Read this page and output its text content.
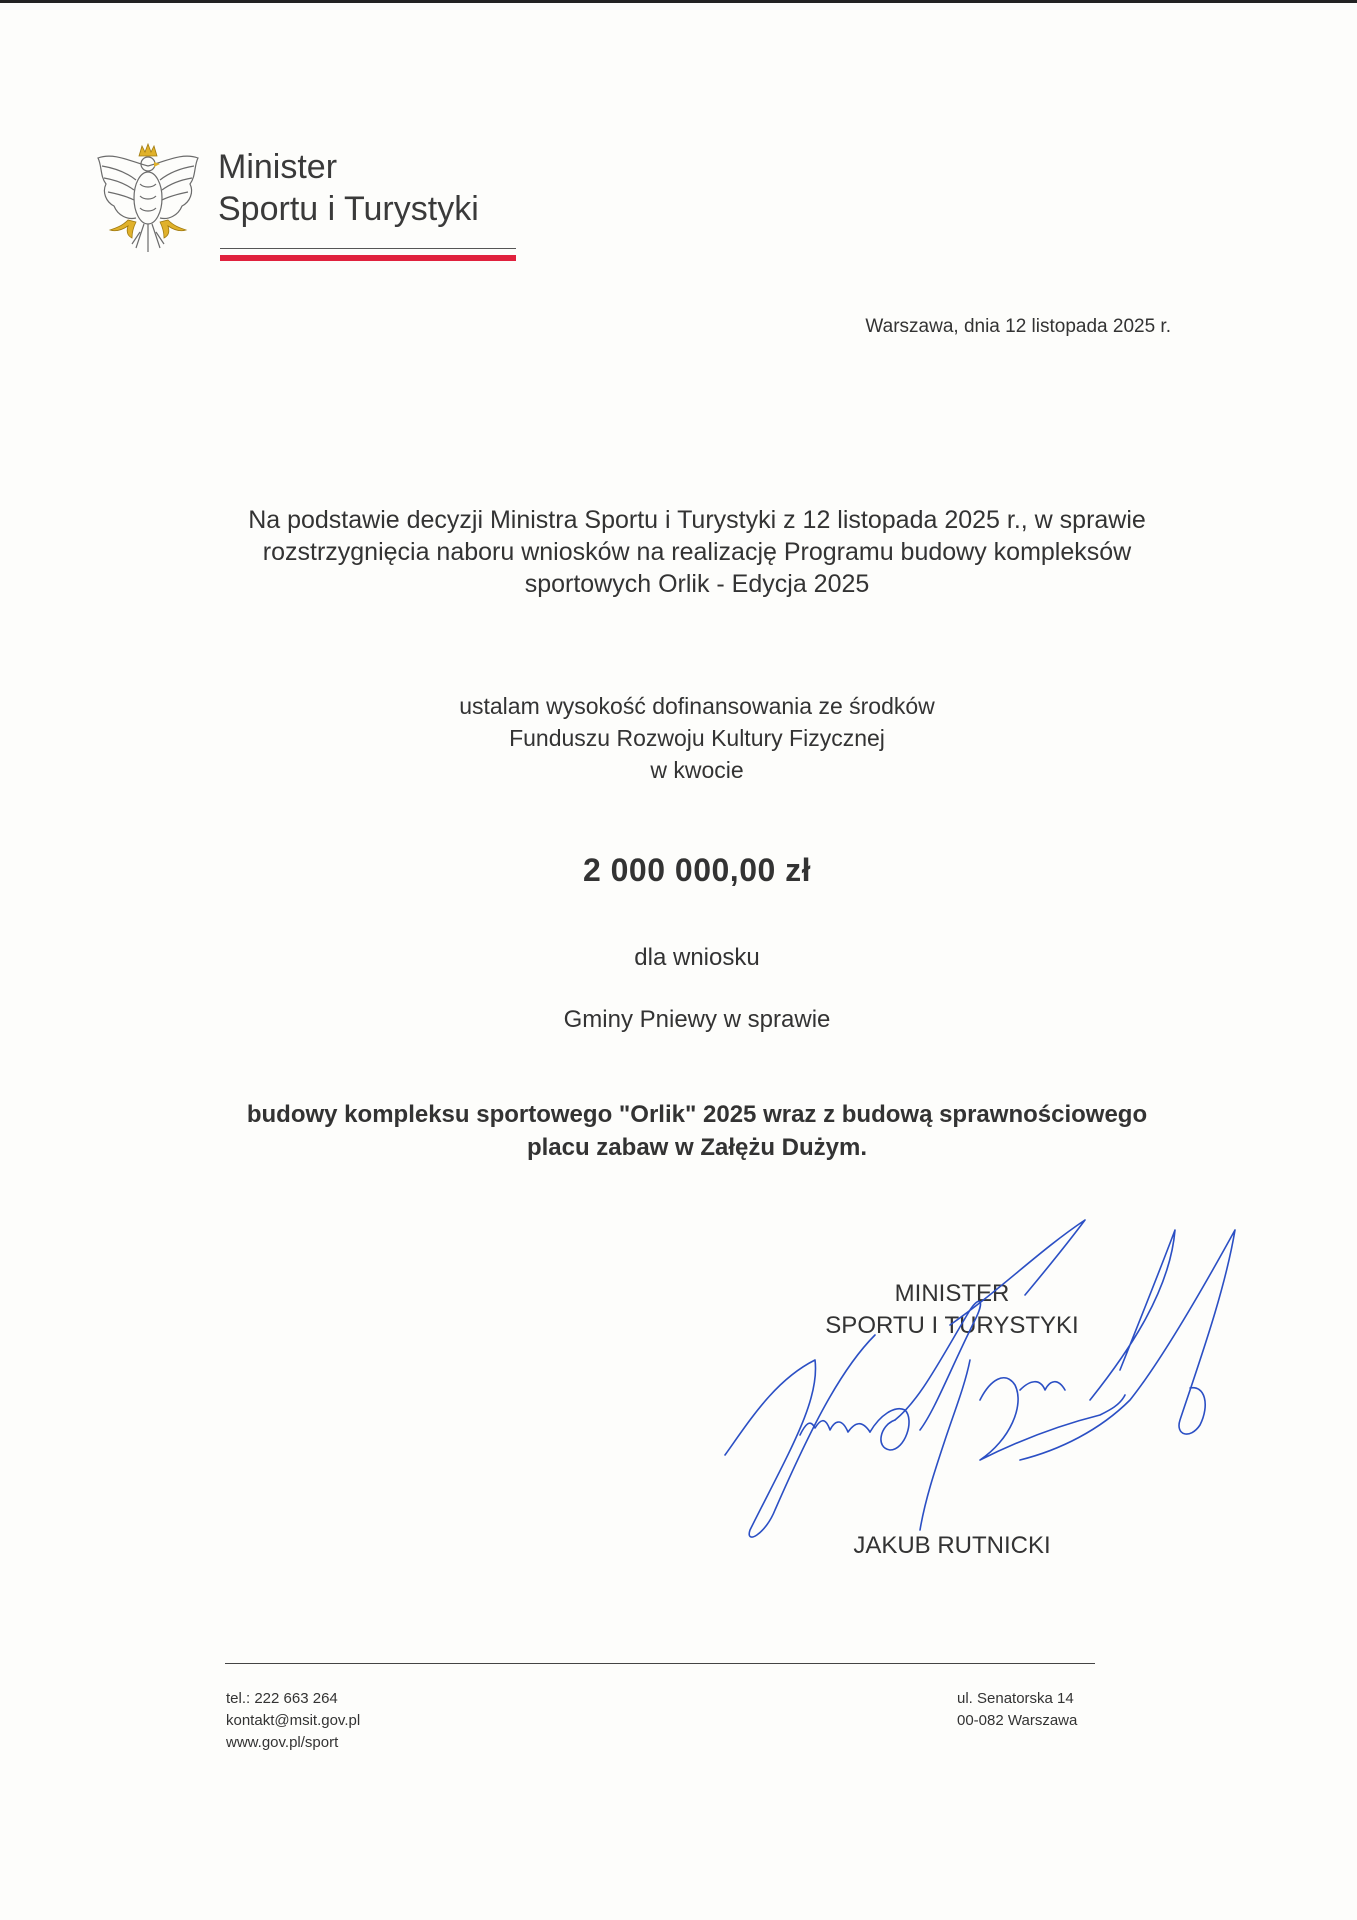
Minister
Sportu i Turystyki
Warszawa, dnia 12 listopada 2025 r.
Na podstawie decyzji Ministra Sportu i Turystyki z 12 listopada 2025 r., w sprawie
rozstrzygnięcia naboru wniosków na realizację Programu budowy kompleksów
sportowych Orlik - Edycja 2025
ustalam wysokość dofinansowania ze środków
Funduszu Rozwoju Kultury Fizycznej
w kwocie
2 000 000,00 zł
dla wniosku
Gminy Pniewy w sprawie
budowy kompleksu sportowego "Orlik" 2025 wraz z budową sprawnościowego
placu zabaw w Załężu Dużym.
MINISTER
SPORTU I TURYSTYKI
JAKUB RUTNICKI
tel.: 222 663 264
kontakt@msit.gov.pl
www.gov.pl/sport
ul. Senatorska 14
00-082 Warszawa
